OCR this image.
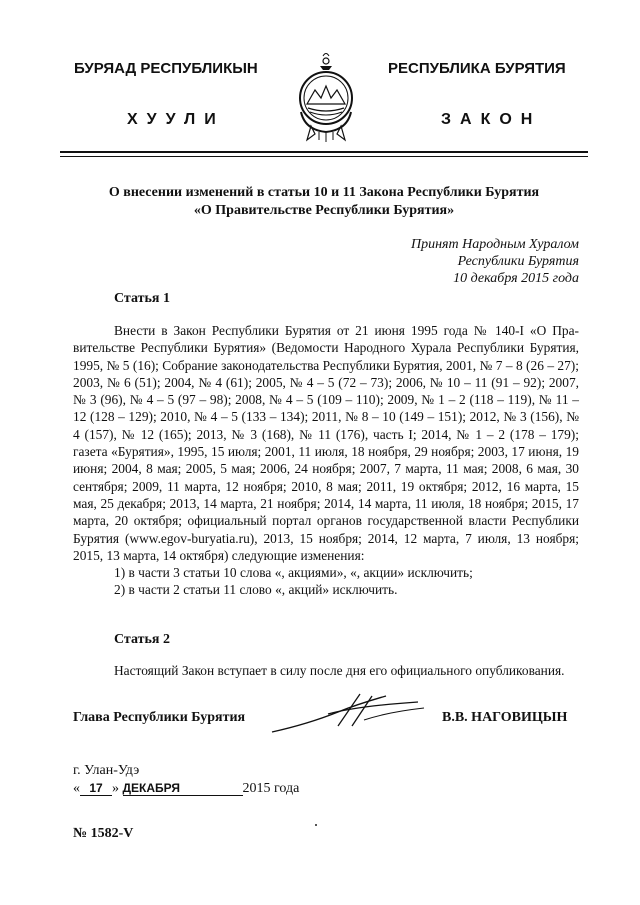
БУРЯАД РЕСПУБЛИКЫН	РЕСПУБЛИКА БУРЯТИЯ
ХУУЛИ	ЗАКОН
О внесении изменений в статьи 10 и 11 Закона Республики Бурятия
«О Правительстве Республики Бурятия»
Принят Народным Хуралом
Республики Бурятия
10 декабря 2015 года
Статья 1

Внести в Закон Республики Бурятия от 21 июня 1995 года № 140-I «О Правительстве Республики Бурятия» (Ведомости Народного Хурала Республики Бурятия, 1995, № 5 (16); Собрание законодательства Республики Бурятия, 2001, № 7 – 8 (26 – 27); 2003, № 6 (51); 2004, № 4 (61); 2005, № 4 – 5 (72 – 73); 2006, № 10 – 11 (91 – 92); 2007, № 3 (96), № 4 – 5 (97 – 98); 2008, № 4 – 5 (109 – 110); 2009, № 1 – 2 (118 – 119), № 11 – 12 (128 – 129); 2010, № 4 – 5 (133 – 134); 2011, № 8 – 10 (149 – 151); 2012, № 3 (156), № 4 (157), № 12 (165); 2013, № 3 (168), № 11 (176), часть I; 2014, № 1 – 2 (178 – 179); газета «Бурятия», 1995, 15 июля; 2001, 11 июля, 18 ноября, 29 ноября; 2003, 17 июня, 19 июня; 2004, 8 мая; 2005, 5 мая; 2006, 24 ноября; 2007, 7 марта, 11 мая; 2008, 6 мая, 30 сентября; 2009, 11 марта, 12 ноября; 2010, 8 мая; 2011, 19 октября; 2012, 16 марта, 15 мая, 25 декабря; 2013, 14 марта, 21 ноября; 2014, 14 марта, 11 июля, 18 ноября; 2015, 17 марта, 20 октября; официальный портал органов государственной власти Республики Бурятия (www.egov-buryatia.ru), 2013, 15 ноября; 2014, 12 марта, 7 июля, 13 ноября; 2015, 13 марта, 14 октября) следующие изменения:

1) в части 3 статьи 10 слова «, акциями», «, акции» исключить;
2) в части 2 статьи 11 слово «, акций» исключить.
Статья 2

Настоящий Закон вступает в силу после дня его официального опубликования.

Глава Республики Бурятия	В.В. НАГОВИЦЫН
г. Улан-Удэ
« 17 » ДЕКАБРЯ	2015 года
№ 1582-V
